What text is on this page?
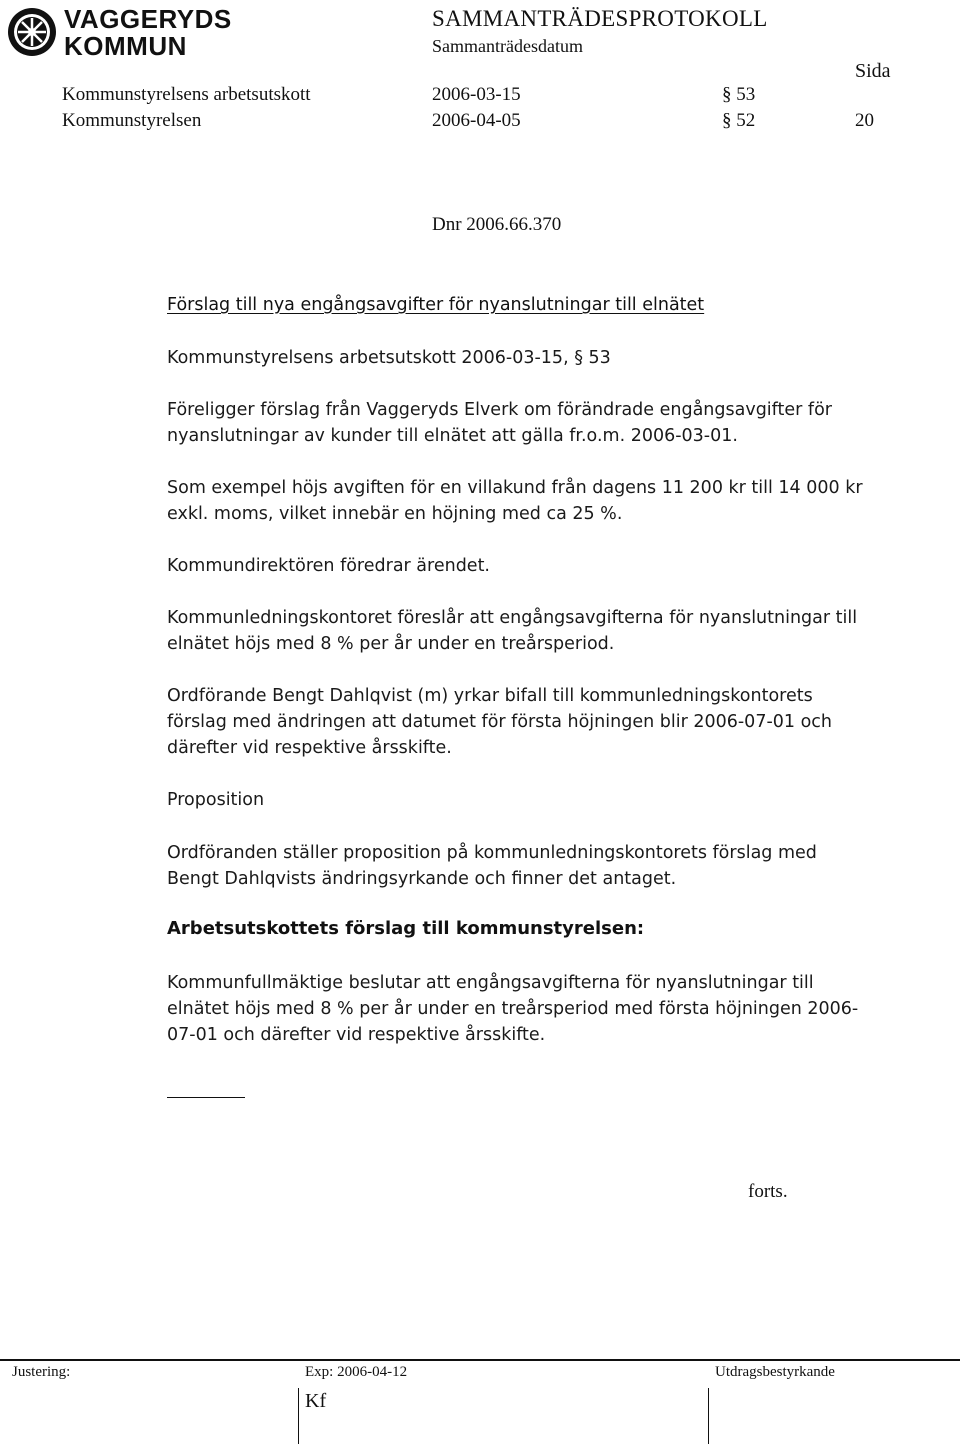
VAGGERYDS
KOMMUN
SAMMANTRÄDESPROTOKOLL
Sammanträdesdatum
Sida
Kommunstyrelsens arbetsutskott	2006-03-15	§ 53
Kommunstyrelsen	2006-04-05	§ 52	20
Dnr 2006.66.370
Förslag till nya engångsavgifter för nyanslutningar till elnätet

Kommunstyrelsens arbetsutskott 2006-03-15, § 53

Föreligger förslag från Vaggeryds Elverk om förändrade engångsavgifter för nyanslutningar av kunder till elnätet att gälla fr.o.m. 2006-03-01.

Som exempel höjs avgiften för en villakund från dagens 11 200 kr till 14 000 kr exkl. moms, vilket innebär en höjning med ca 25 %.

Kommundirektören föredrar ärendet.

Kommunledningskontoret föreslår att engångsavgifterna för nyanslutningar till elnätet höjs med 8 % per år under en treårsperiod.

Ordförande Bengt Dahlqvist (m) yrkar bifall till kommunledningskontorets förslag med ändringen att datumet för första höjningen blir 2006-07-01 och därefter vid respektive årsskifte.

Proposition

Ordföranden ställer proposition på kommunledningskontorets förslag med Bengt Dahlqvists ändringsyrkande och finner det antaget.

Arbetsutskottets förslag till kommunstyrelsen:

Kommunfullmäktige beslutar att engångsavgifterna för nyanslutningar till elnätet höjs med 8 % per år under en treårsperiod med första höjningen 2006-07-01 och därefter vid respektive årsskifte.

forts.
Justering:	Exp: 2006-04-12	Utdragsbestyrkande
Kf
